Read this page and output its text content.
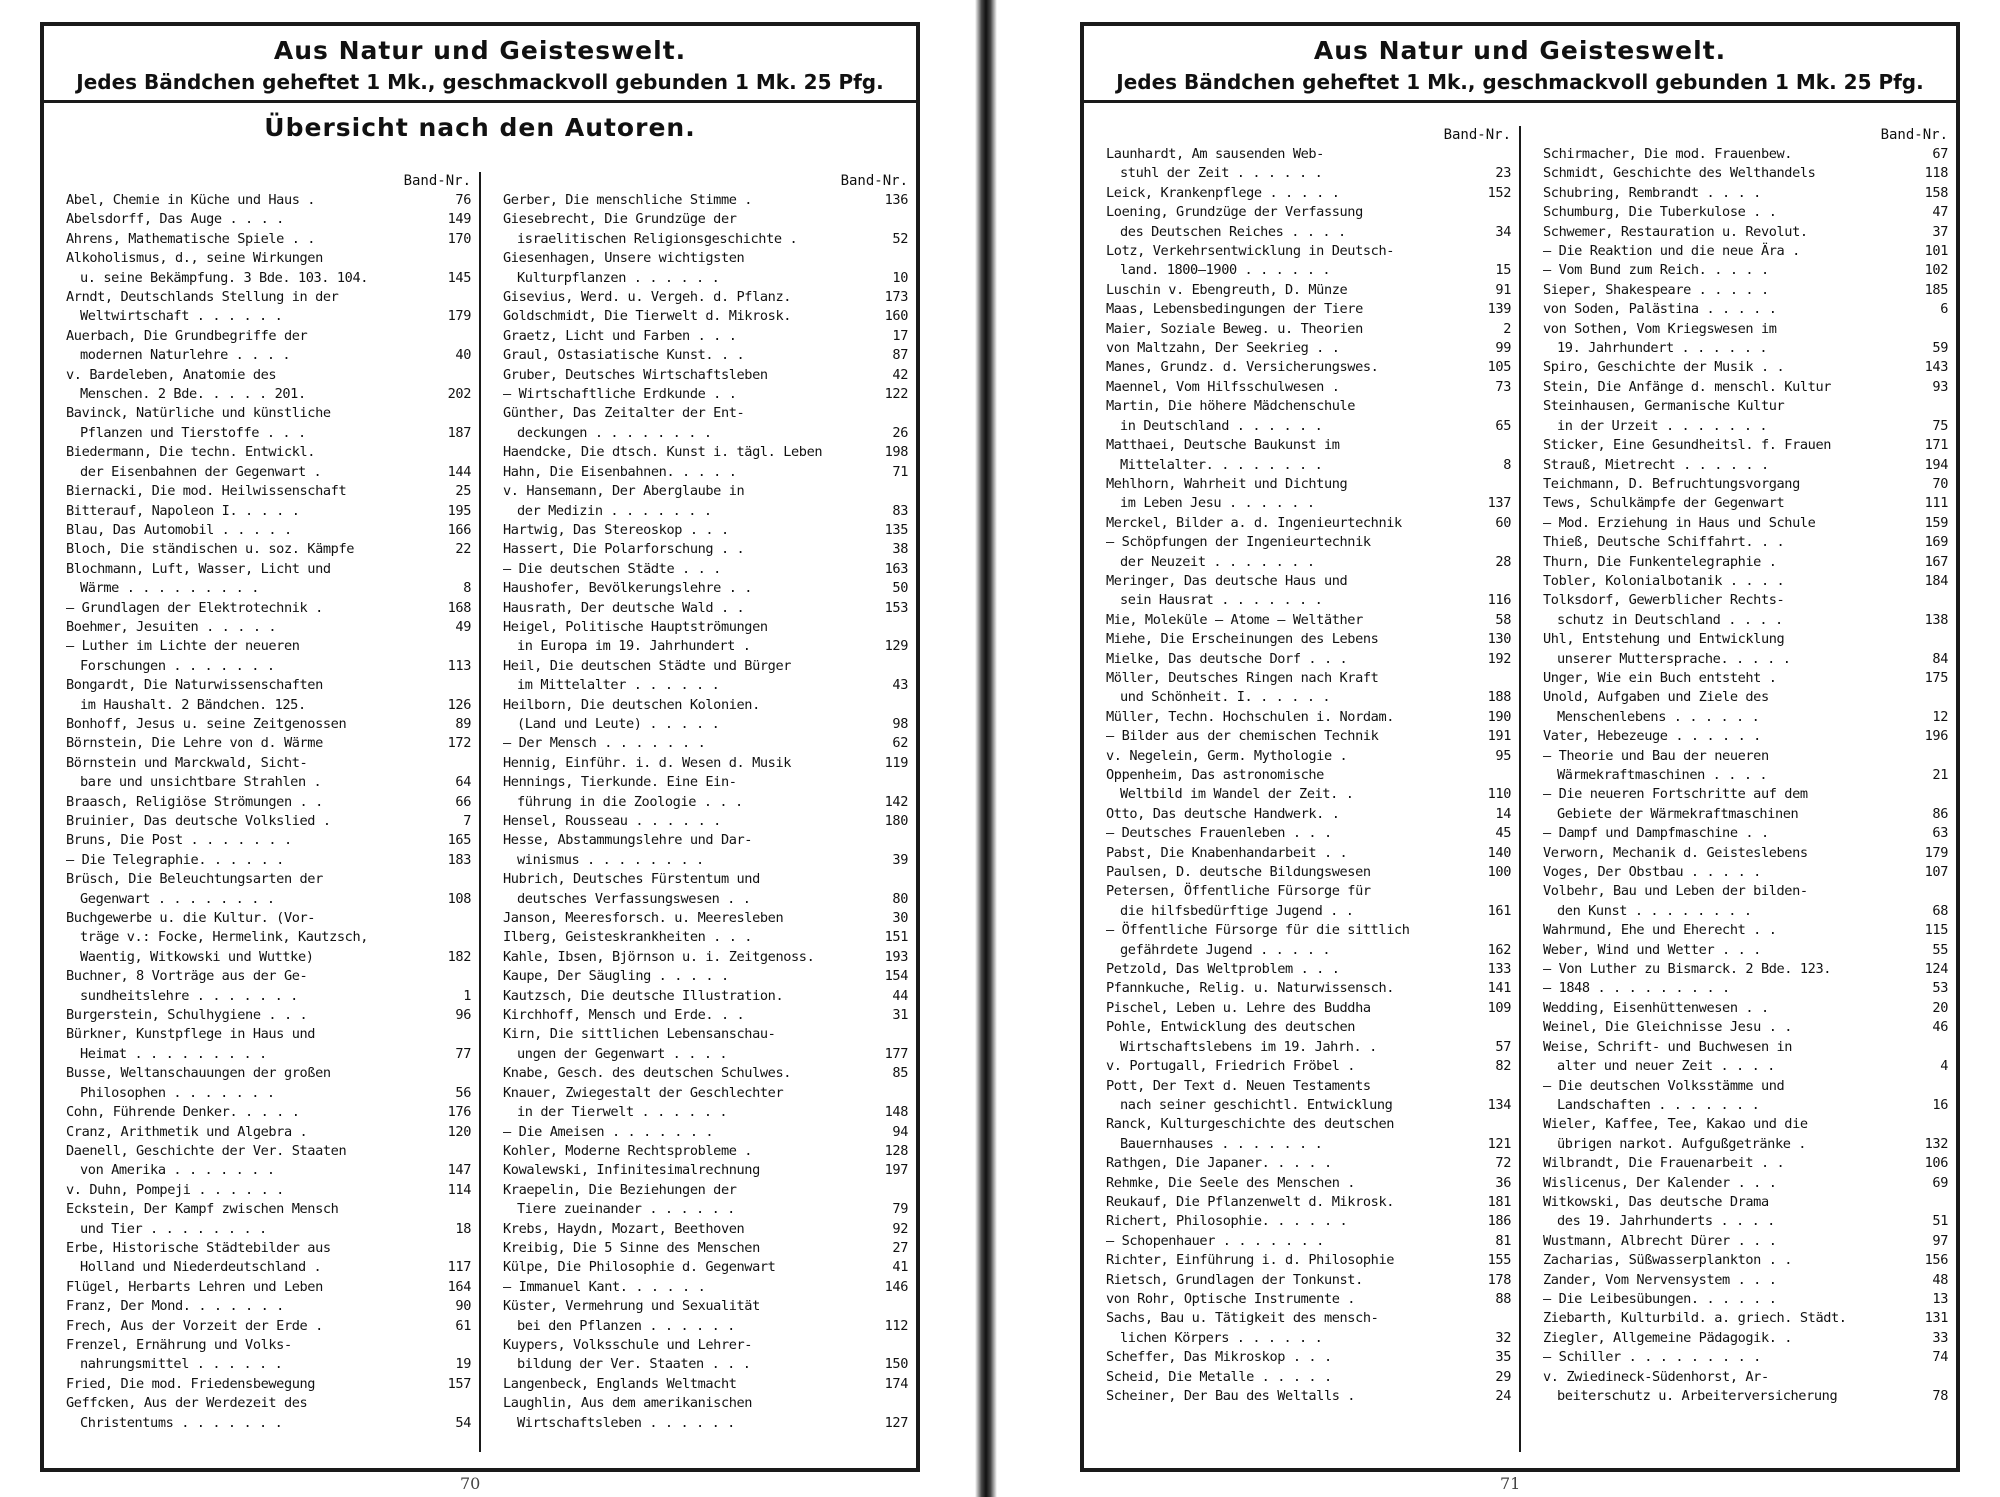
Aus Natur und Geisteswelt.
Jedes Bändchen geheftet 1 Mk., geschmackvoll gebunden 1 Mk. 25 Pfg.
Übersicht nach den Autoren.
Band-Nr.
Abel, Chemie in Küche und Haus .	76
Abelsdorff, Das Auge . . . .	149
Ahrens, Mathematische Spiele . .	170
Alkoholismus, d., seine Wirkungen
u. seine Bekämpfung. 3 Bde. 103. 104.	145
Arndt, Deutschlands Stellung in der
Weltwirtschaft . . . . . .	179
Auerbach, Die Grundbegriffe der
modernen Naturlehre . . . .	40
v. Bardeleben, Anatomie des
Menschen. 2 Bde. . . . . 201.	202
Bavinck, Natürliche und künstliche
Pflanzen und Tierstoffe . . .	187
Biedermann, Die techn. Entwickl.
der Eisenbahnen der Gegenwart .	144
Biernacki, Die mod. Heilwissenschaft	25
Bitterauf, Napoleon I. . . . .	195
Blau, Das Automobil . . . . .	166
Bloch, Die ständischen u. soz. Kämpfe	22
Blochmann, Luft, Wasser, Licht und
Wärme . . . . . . . . .	8
— Grundlagen der Elektrotechnik .	168
Boehmer, Jesuiten . . . . .	49
— Luther im Lichte der neueren
Forschungen . . . . . . .	113
Bongardt, Die Naturwissenschaften
im Haushalt. 2 Bändchen. 125.	126
Bonhoff, Jesus u. seine Zeitgenossen	89
Börnstein, Die Lehre von d. Wärme	172
Börnstein und Marckwald, Sicht-
bare und unsichtbare Strahlen .	64
Braasch, Religiöse Strömungen . .	66
Bruinier, Das deutsche Volkslied .	7
Bruns, Die Post . . . . . . .	165
— Die Telegraphie. . . . . .	183
Brüsch, Die Beleuchtungsarten der
Gegenwart . . . . . . . .	108
Buchgewerbe u. die Kultur. (Vor-
träge v.: Focke, Hermelink, Kautzsch,
Waentig, Witkowski und Wuttke)	182
Buchner, 8 Vorträge aus der Ge-
sundheitslehre . . . . . . .	1
Burgerstein, Schulhygiene . . .	96
Bürkner, Kunstpflege in Haus und
Heimat . . . . . . . . .	77
Busse, Weltanschauungen der großen
Philosophen . . . . . . .	56
Cohn, Führende Denker. . . . .	176
Cranz, Arithmetik und Algebra .	120
Daenell, Geschichte der Ver. Staaten
von Amerika . . . . . . .	147
v. Duhn, Pompeji . . . . . .	114
Eckstein, Der Kampf zwischen Mensch
und Tier . . . . . . . .	18
Erbe, Historische Städtebilder aus
Holland und Niederdeutschland .	117
Flügel, Herbarts Lehren und Leben	164
Franz, Der Mond. . . . . . .	90
Frech, Aus der Vorzeit der Erde .	61
Frenzel, Ernährung und Volks-
nahrungsmittel . . . . . .	19
Fried, Die mod. Friedensbewegung	157
Geffcken, Aus der Werdezeit des
Christentums . . . . . . .	54
Band-Nr.
Gerber, Die menschliche Stimme .	136
Giesebrecht, Die Grundzüge der
israelitischen Religionsgeschichte .	52
Giesenhagen, Unsere wichtigsten
Kulturpflanzen . . . . . .	10
Gisevius, Werd. u. Vergeh. d. Pflanz.	173
Goldschmidt, Die Tierwelt d. Mikrosk.	160
Graetz, Licht und Farben . . .	17
Graul, Ostasiatische Kunst. . .	87
Gruber, Deutsches Wirtschaftsleben	42
— Wirtschaftliche Erdkunde . .	122
Günther, Das Zeitalter der Ent-
deckungen . . . . . . . .	26
Haendcke, Die dtsch. Kunst i. tägl. Leben	198
Hahn, Die Eisenbahnen. . . . .	71
v. Hansemann, Der Aberglaube in
der Medizin . . . . . . .	83
Hartwig, Das Stereoskop . . .	135
Hassert, Die Polarforschung . .	38
— Die deutschen Städte . . .	163
Haushofer, Bevölkerungslehre . .	50
Hausrath, Der deutsche Wald . .	153
Heigel, Politische Hauptströmungen
in Europa im 19. Jahrhundert .	129
Heil, Die deutschen Städte und Bürger
im Mittelalter . . . . . .	43
Heilborn, Die deutschen Kolonien.
(Land und Leute) . . . . .	98
— Der Mensch . . . . . . .	62
Hennig, Einführ. i. d. Wesen d. Musik	119
Hennings, Tierkunde. Eine Ein-
führung in die Zoologie . . .	142
Hensel, Rousseau . . . . . .	180
Hesse, Abstammungslehre und Dar-
winismus . . . . . . . .	39
Hubrich, Deutsches Fürstentum und
deutsches Verfassungswesen . .	80
Janson, Meeresforsch. u. Meeresleben	30
Ilberg, Geisteskrankheiten . . .	151
Kahle, Ibsen, Björnson u. i. Zeitgenoss.	193
Kaupe, Der Säugling . . . . .	154
Kautzsch, Die deutsche Illustration.	44
Kirchhoff, Mensch und Erde. . .	31
Kirn, Die sittlichen Lebensanschau-
ungen der Gegenwart . . . .	177
Knabe, Gesch. des deutschen Schulwes.	85
Knauer, Zwiegestalt der Geschlechter
in der Tierwelt . . . . . .	148
— Die Ameisen . . . . . . .	94
Kohler, Moderne Rechtsprobleme .	128
Kowalewski, Infinitesimalrechnung	197
Kraepelin, Die Beziehungen der
Tiere zueinander . . . . . .	79
Krebs, Haydn, Mozart, Beethoven	92
Kreibig, Die 5 Sinne des Menschen	27
Külpe, Die Philosophie d. Gegenwart	41
— Immanuel Kant. . . . . .	146
Küster, Vermehrung und Sexualität
bei den Pflanzen . . . . . .	112
Kuypers, Volksschule und Lehrer-
bildung der Ver. Staaten . . .	150
Langenbeck, Englands Weltmacht	174
Laughlin, Aus dem amerikanischen
Wirtschaftsleben . . . . . .	127
Aus Natur und Geisteswelt.
Jedes Bändchen geheftet 1 Mk., geschmackvoll gebunden 1 Mk. 25 Pfg.
Band-Nr.
Launhardt, Am sausenden Web-
stuhl der Zeit . . . . . .	23
Leick, Krankenpflege . . . . .	152
Loening, Grundzüge der Verfassung
des Deutschen Reiches . . . .	34
Lotz, Verkehrsentwicklung in Deutsch-
land. 1800—1900 . . . . . .	15
Luschin v. Ebengreuth, D. Münze	91
Maas, Lebensbedingungen der Tiere	139
Maier, Soziale Beweg. u. Theorien	2
von Maltzahn, Der Seekrieg . .	99
Manes, Grundz. d. Versicherungswes.	105
Maennel, Vom Hilfsschulwesen .	73
Martin, Die höhere Mädchenschule
in Deutschland . . . . . .	65
Matthaei, Deutsche Baukunst im
Mittelalter. . . . . . . .	8
Mehlhorn, Wahrheit und Dichtung
im Leben Jesu . . . . . .	137
Merckel, Bilder a. d. Ingenieurtechnik	60
— Schöpfungen der Ingenieurtechnik
der Neuzeit . . . . . . .	28
Meringer, Das deutsche Haus und
sein Hausrat . . . . . . .	116
Mie, Moleküle — Atome — Weltäther	58
Miehe, Die Erscheinungen des Lebens	130
Mielke, Das deutsche Dorf . . .	192
Möller, Deutsches Ringen nach Kraft
und Schönheit. I. . . . . .	188
Müller, Techn. Hochschulen i. Nordam.	190
— Bilder aus der chemischen Technik	191
v. Negelein, Germ. Mythologie .	95
Oppenheim, Das astronomische
Weltbild im Wandel der Zeit. .	110
Otto, Das deutsche Handwerk. .	14
— Deutsches Frauenleben . . .	45
Pabst, Die Knabenhandarbeit . .	140
Paulsen, D. deutsche Bildungswesen	100
Petersen, Öffentliche Fürsorge für
die hilfsbedürftige Jugend . .	161
— Öffentliche Fürsorge für die sittlich
gefährdete Jugend . . . . .	162
Petzold, Das Weltproblem . . .	133
Pfannkuche, Relig. u. Naturwissensch.	141
Pischel, Leben u. Lehre des Buddha	109
Pohle, Entwicklung des deutschen
Wirtschaftslebens im 19. Jahrh. .	57
v. Portugall, Friedrich Fröbel .	82
Pott, Der Text d. Neuen Testaments
nach seiner geschichtl. Entwicklung	134
Ranck, Kulturgeschichte des deutschen
Bauernhauses . . . . . . .	121
Rathgen, Die Japaner. . . . .	72
Rehmke, Die Seele des Menschen .	36
Reukauf, Die Pflanzenwelt d. Mikrosk.	181
Richert, Philosophie. . . . . .	186
— Schopenhauer . . . . . . .	81
Richter, Einführung i. d. Philosophie	155
Rietsch, Grundlagen der Tonkunst.	178
von Rohr, Optische Instrumente .	88
Sachs, Bau u. Tätigkeit des mensch-
lichen Körpers . . . . . .	32
Scheffer, Das Mikroskop . . .	35
Scheid, Die Metalle . . . . .	29
Scheiner, Der Bau des Weltalls .	24
Band-Nr.
Schirmacher, Die mod. Frauenbew.	67
Schmidt, Geschichte des Welthandels	118
Schubring, Rembrandt . . . .	158
Schumburg, Die Tuberkulose . .	47
Schwemer, Restauration u. Revolut.	37
— Die Reaktion und die neue Ära .	101
— Vom Bund zum Reich. . . . .	102
Sieper, Shakespeare . . . . .	185
von Soden, Palästina . . . . .	6
von Sothen, Vom Kriegswesen im
19. Jahrhundert . . . . . .	59
Spiro, Geschichte der Musik . .	143
Stein, Die Anfänge d. menschl. Kultur	93
Steinhausen, Germanische Kultur
in der Urzeit . . . . . . .	75
Sticker, Eine Gesundheitsl. f. Frauen	171
Strauß, Mietrecht . . . . . .	194
Teichmann, D. Befruchtungsvorgang	70
Tews, Schulkämpfe der Gegenwart	111
— Mod. Erziehung in Haus und Schule	159
Thieß, Deutsche Schiffahrt. . .	169
Thurn, Die Funkentelegraphie .	167
Tobler, Kolonialbotanik . . . .	184
Tolksdorf, Gewerblicher Rechts-
schutz in Deutschland . . . .	138
Uhl, Entstehung und Entwicklung
unserer Muttersprache. . . . .	84
Unger, Wie ein Buch entsteht .	175
Unold, Aufgaben und Ziele des
Menschenlebens . . . . . .	12
Vater, Hebezeuge . . . . . .	196
— Theorie und Bau der neueren
Wärmekraftmaschinen . . . .	21
— Die neueren Fortschritte auf dem
Gebiete der Wärmekraftmaschinen	86
— Dampf und Dampfmaschine . .	63
Verworn, Mechanik d. Geisteslebens	179
Voges, Der Obstbau . . . . .	107
Volbehr, Bau und Leben der bilden-
den Kunst . . . . . . . .	68
Wahrmund, Ehe und Eherecht . .	115
Weber, Wind und Wetter . . .	55
— Von Luther zu Bismarck. 2 Bde. 123.	124
— 1848 . . . . . . . . .	53
Wedding, Eisenhüttenwesen . .	20
Weinel, Die Gleichnisse Jesu . .	46
Weise, Schrift- und Buchwesen in
alter und neuer Zeit . . . .	4
— Die deutschen Volksstämme und
Landschaften . . . . . . .	16
Wieler, Kaffee, Tee, Kakao und die
übrigen narkot. Aufgußgetränke .	132
Wilbrandt, Die Frauenarbeit . .	106
Wislicenus, Der Kalender . . .	69
Witkowski, Das deutsche Drama
des 19. Jahrhunderts . . . .	51
Wustmann, Albrecht Dürer . . .	97
Zacharias, Süßwasserplankton . .	156
Zander, Vom Nervensystem . . .	48
— Die Leibesübungen. . . . . .	13
Ziebarth, Kulturbild. a. griech. Städt.	131
Ziegler, Allgemeine Pädagogik. .	33
— Schiller . . . . . . . . .	74
v. Zwiedineck-Südenhorst, Ar-
beiterschutz u. Arbeiterversicherung	78
70	71
